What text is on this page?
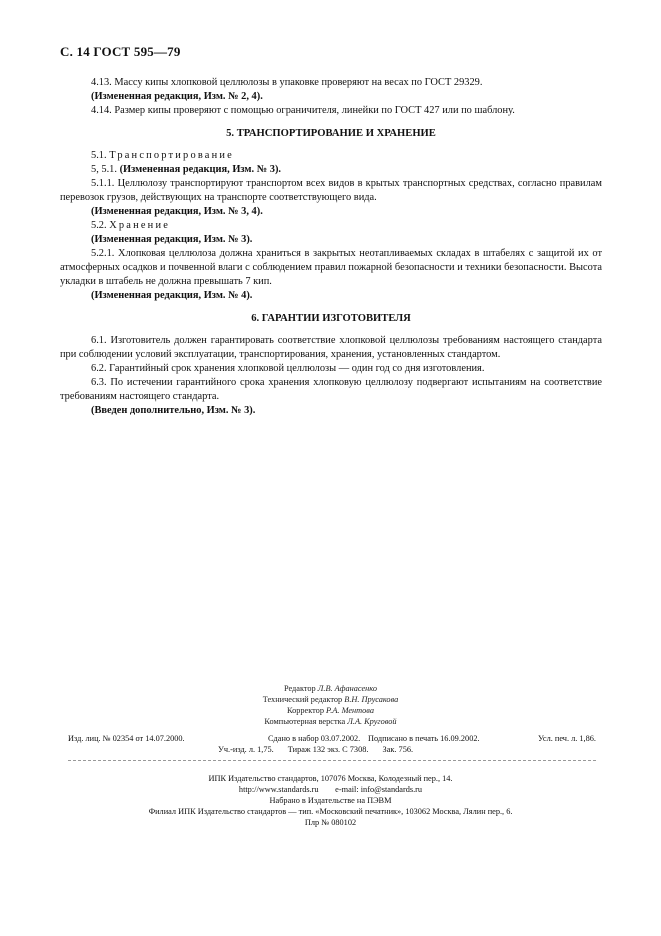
С. 14 ГОСТ 595—79

4.13. Массу кипы хлопковой целлюлозы в упаковке проверяют на весах по ГОСТ 29329.

(Измененная редакция, Изм. № 2, 4).

4.14. Размер кипы проверяют с помощью ограничителя, линейки по ГОСТ 427 или по шаблону.

5. ТРАНСПОРТИРОВАНИЕ И ХРАНЕНИЕ

5.1. Транспортирование

5, 5.1. (Измененная редакция, Изм. № 3).

5.1.1. Целлюлозу транспортируют транспортом всех видов в крытых транспортных средствах, согласно правилам перевозок грузов, действующих на транспорте соответствующего вида.

(Измененная редакция, Изм. № 3, 4).

5.2. Хранение

(Измененная редакция, Изм. № 3).

5.2.1. Хлопковая целлюлоза должна храниться в закрытых неотапливаемых складах в штабелях с защитой их от атмосферных осадков и почвенной влаги с соблюдением правил пожарной безопасности и техники безопасности. Высота укладки в штабель не должна превышать 7 кип.

(Измененная редакция, Изм. № 4).

6. ГАРАНТИИ ИЗГОТОВИТЕЛЯ

6.1. Изготовитель должен гарантировать соответствие хлопковой целлюлозы требованиям настоящего стандарта при соблюдении условий эксплуатации, транспортирования, хранения, установленных стандартом.

6.2. Гарантийный срок хранения хлопковой целлюлозы — один год со дня изготовления.

6.3. По истечении гарантийного срока хранения хлопковую целлюлозу подвергают испытаниям на соответствие требованиям настоящего стандарта.

(Введен дополнительно, Изм. № 3).

Редактор Л.В. Афанасенко
Технический редактор В.Н. Прусакова
Корректор Р.А. Ментова
Компьютерная верстка Л.А. Круговой
Изд. лиц. № 02354 от 14.07.2000.	Сдано в набор 03.07.2002. Подписано в печать 16.09.2002.	Усл. печ. л. 1,86.
Уч.-изд. л. 1,75. Тираж 132 экз. С 7308. Зак. 756.
ИПК Издательство стандартов, 107076 Москва, Колодезный пер., 14.
http://www.standards.ru        e-mail: info@standards.ru
Набрано в Издательстве на ПЭВМ
Филиал ИПК Издательство стандартов — тип. «Московский печатник», 103062 Москва, Лялин пер., 6.
Плр № 080102
